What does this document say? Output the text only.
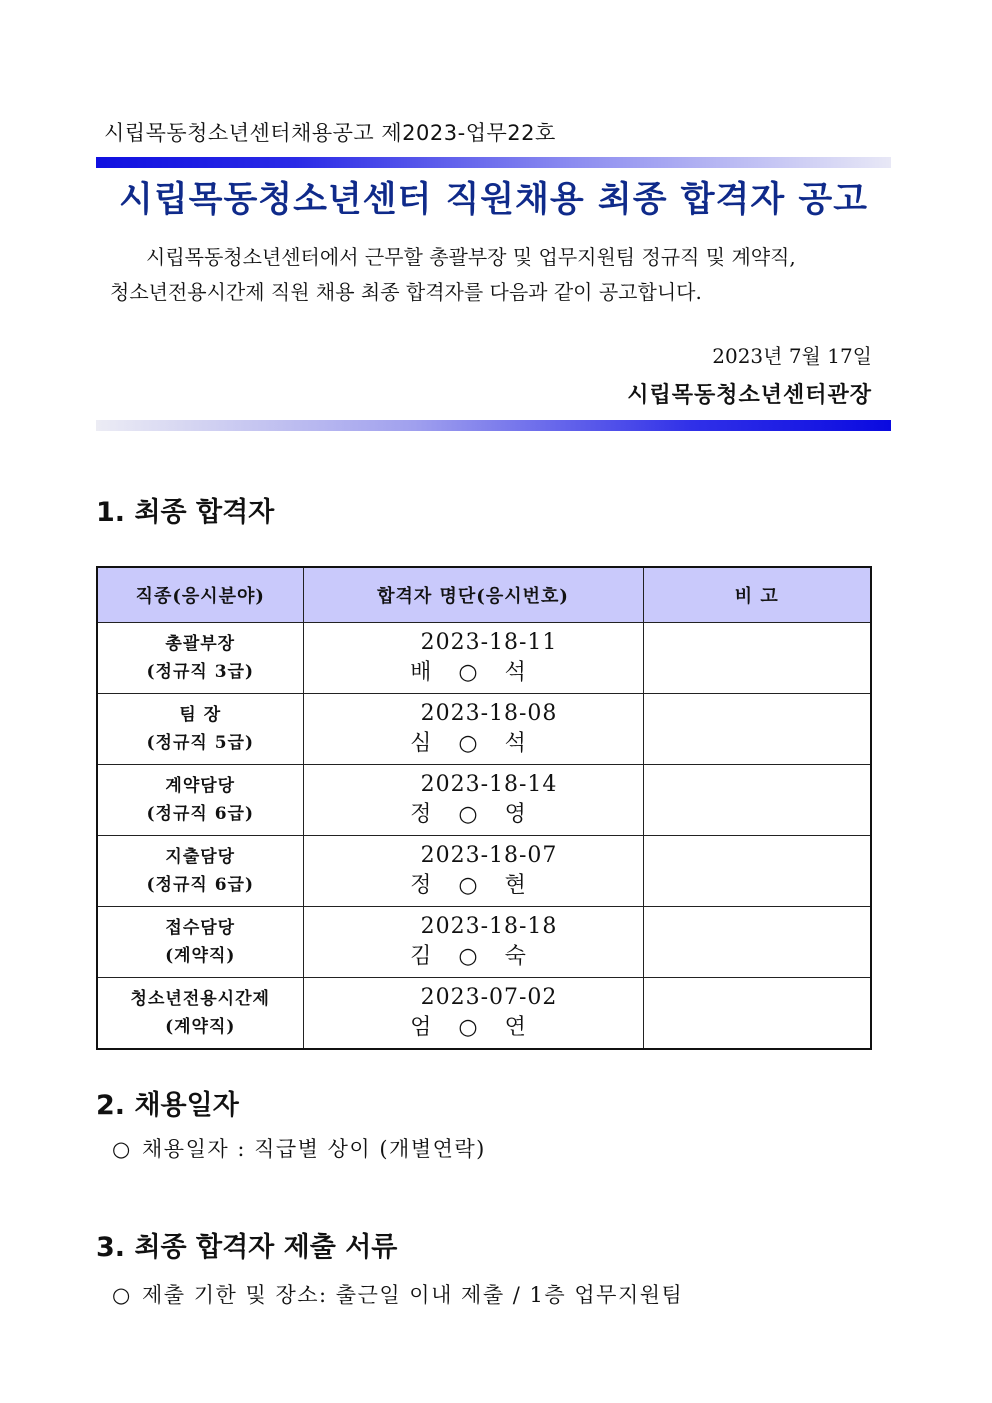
시립목동청소년센터채용공고 제2023-업무22호
시립목동청소년센터 직원채용 최종 합격자 공고
시립목동청소년센터에서 근무할 총괄부장 및 업무지원팀 정규직 및 계약직,
청소년전용시간제 직원 채용 최종 합격자를 다음과 같이 공고합니다.
2023년 7월 17일
시립목동청소년센터관장
1. 최종 합격자
직종(응시분야)	합격자 명단(응시번호)	비 고

총괄부장
(정규직 3급)	2023-18-11배 ○ 석	

팀 장
(정규직 5급)	2023-18-08심 ○ 석	

계약담당
(정규직 6급)	2023-18-14정 ○ 영	

지출담당
(정규직 6급)	2023-18-07정 ○ 현	

접수담당
(계약직)	2023-18-18김 ○ 숙	

청소년전용시간제
(계약직)	2023-07-02엄 ○ 연	
2. 채용일자
○ 채용일자 : 직급별 상이 (개별연락)
3. 최종 합격자 제출 서류
○ 제출 기한 및 장소: 출근일 이내 제출 / 1층 업무지원팀
